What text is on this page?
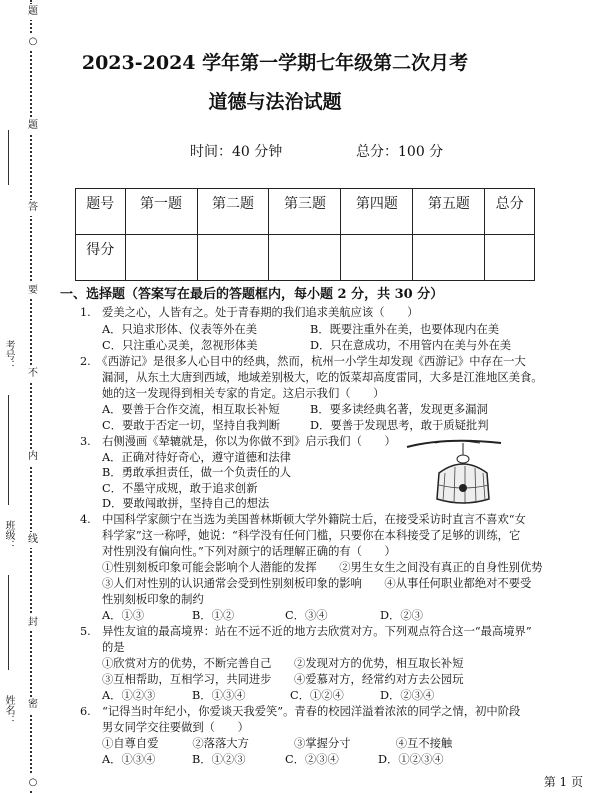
题
○
题
答
要
不
内
线
封
密
○
考号：
班级：
姓名：
2023-2024 学年第一学期七年级第二次月考
道德与法治试题
时间：40 分钟	总分：100 分
题号	第一题	第二题	第三题	第四题	第五题	总分
得分						
一、选择题（答案写在最后的答题框内，每小题 2 分，共 30 分）
1.　爱美之心，人皆有之。处于青春期的我们追求美航应该（　　）
A．只追求形体、仪表等外在美	B．既要注重外在美，也要体现内在美
C．只注重心灵美，忽视形体美	D．只在意成功，不用管内在美与外在美
2.　《西游记》是很多人心目中的经典，然而，杭州一小学生却发现《西游记》中存在一大
漏洞，从东土大唐到西域，地域差别极大，吃的饭菜却高度雷同，大多是江淮地区美食。
她的这一发现得到相关专家的肯定。这启示我们（　　）
A．要善于合作交流，相互取长补短	B．要多读经典名著，发现更多漏洞
C．要敢于否定一切，坚持自我判断	D．要善于发现思考，敢于质疑批判
3.　右侧漫画《辇辘就是，你以为你做不到》启示我们（　　）
A．正确对待好奇心，遵守道德和法律
B．勇敢承担责任，做一个负责任的人
C．不墨守成规，敢于追求创新
D．要敢闯敢拼，坚持自己的想法
4.　中国科学家颜宁在当选为美国普林斯顿大学外籍院士后，在接受采访时直言不喜欢“女
科学家”这一称呼，她说：“科学没有任何门槛，只要你在本科接受了足够的训练，它
对性别没有偏向性。”下列对颜宁的话理解正确的有（　　）
①性别刻板印象可能会影响个人潜能的发挥　　②男生女生之间没有真正的自身性别优势
③人们对性别的认识通常会受到性别刻板印象的影响　　④从事任何职业都绝对不要受
性别刻板印象的制约
A．①③	B．①②	C．③④	D．②③
5.　异性友谊的最高境界：站在不远不近的地方去欣赏对方。下列观点符合这一“最高境界”
的是
①欣赏对方的优势，不断完善自己　　②发现对方的优势，相互取长补短
③互相帮助，互相学习，共同进步　　④爱慕对方，经常约对方去公园玩
A．①②③	B．①③④	C．①②④	D．②③④
6.　“记得当时年纪小，你爱谈天我爱笑”。青春的校园洋溢着浓浓的同学之情，初中阶段
男女同学交往要做到（　　）
①自尊自爱　　　②落落大方　　　　③掌握分寸　　　　④互不接触
A．①③④	B．①②③	C．②③④	D．①②③④
第 1 页
